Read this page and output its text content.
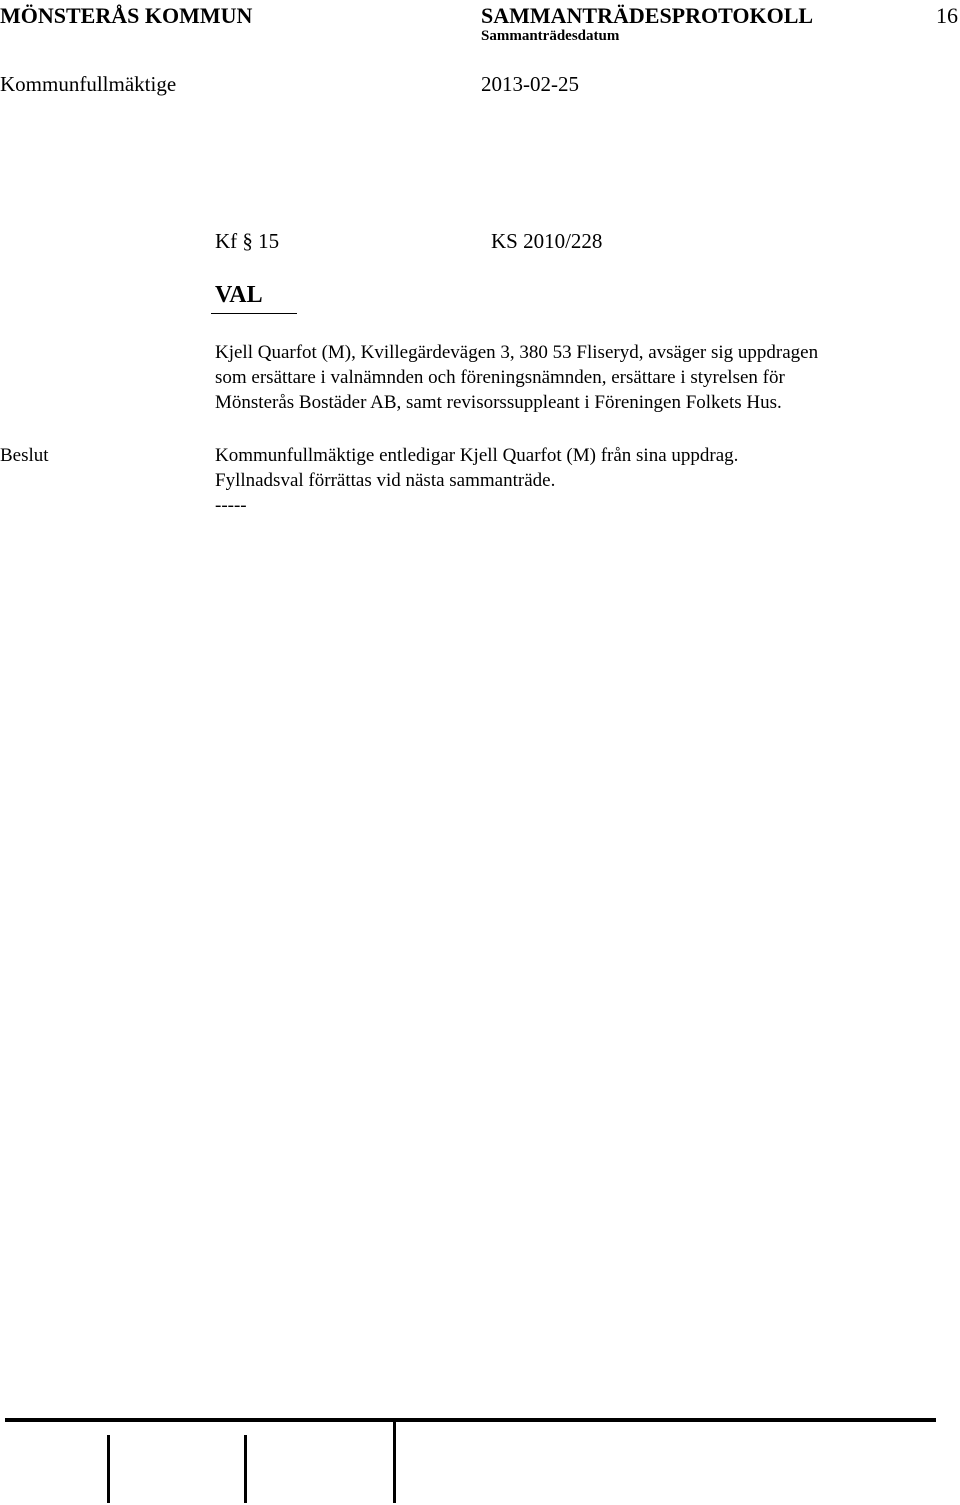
MÖNSTERÅS KOMMUN	SAMMANTRÄDESPROTOKOLL	16
Sammanträdesdatum
Kommunfullmäktige	2013-02-25
Kf § 15	KS 2010/228
VAL
Kjell Quarfot (M), Kvillegärdevägen 3, 380 53 Fliseryd, avsäger sig uppdragen
som ersättare i valnämnden och föreningsnämnden, ersättare i styrelsen för
Mönsterås Bostäder AB, samt revisorssuppleant i Föreningen Folkets Hus.
Beslut	Kommunfullmäktige entledigar Kjell Quarfot (M) från sina uppdrag.
Fyllnadsval förrättas vid nästa sammanträde.
-----
